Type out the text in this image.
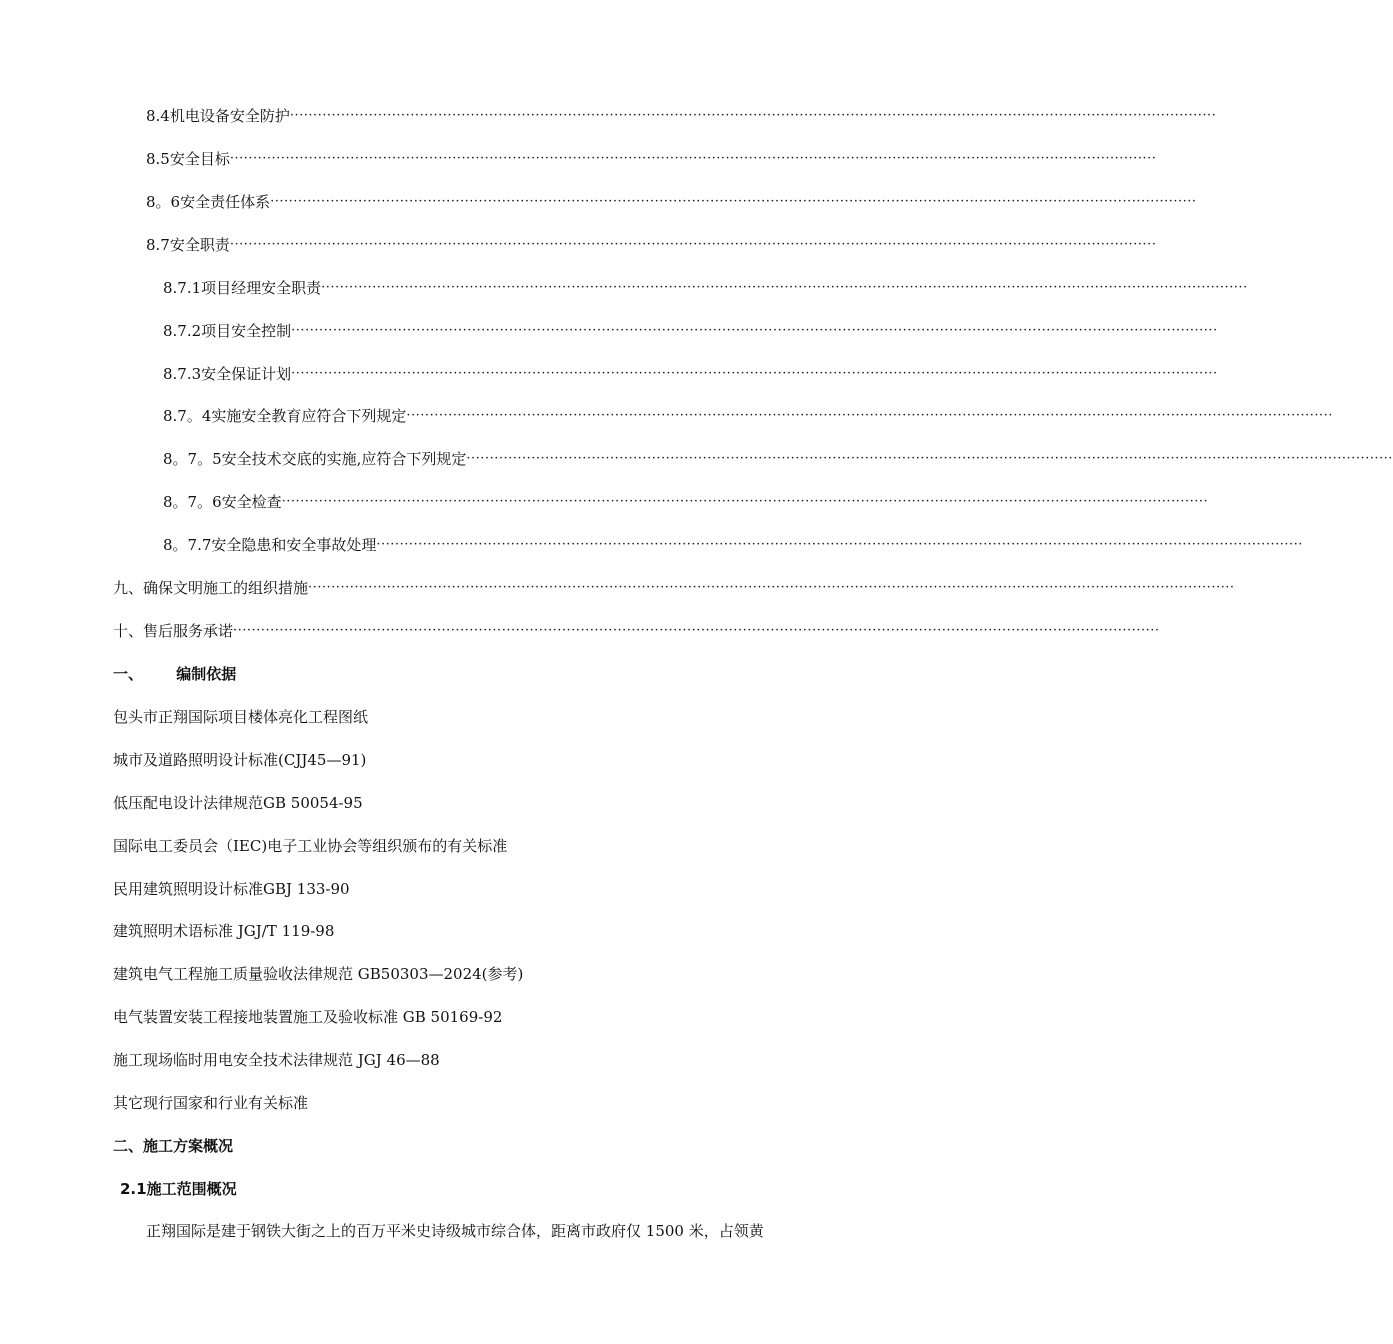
8.4机电设备安全防护 ········································································································································································································
8.5安全目标 ········································································································································································································
8。6安全责任体系 ········································································································································································································
8.7安全职责 ········································································································································································································
8.7.1项目经理安全职责 ········································································································································································································
8.7.2项目安全控制 ········································································································································································································
8.7.3安全保证计划 ········································································································································································································
8.7。4实施安全教育应符合下列规定 ········································································································································································································
8。7。5安全技术交底的实施,应符合下列规定 ········································································································································································································
8。7。6安全检查 ········································································································································································································
8。7.7安全隐患和安全事故处理 ········································································································································································································
九、确保文明施工的组织措施 ········································································································································································································
十、售后服务承诺 ········································································································································································································
一、 编制依据
包头市正翔国际项目楼体亮化工程图纸
城市及道路照明设计标准(CJJ45—91)
低压配电设计法律规范GB 50054-95
国际电工委员会（IEC)电子工业协会等组织颁布的有关标准
民用建筑照明设计标准GBJ 133-90
建筑照明术语标准 JGJ/T 119-98
建筑电气工程施工质量验收法律规范 GB50303—2024(参考)
电气装置安装工程接地装置施工及验收标准 GB 50169-92
施工现场临时用电安全技术法律规范 JGJ 46—88
其它现行国家和行业有关标准
二、施工方案概况
2.1施工范围概况
正翔国际是建于钢铁大街之上的百万平米史诗级城市综合体，距离市政府仅 1500 米，占领黄
